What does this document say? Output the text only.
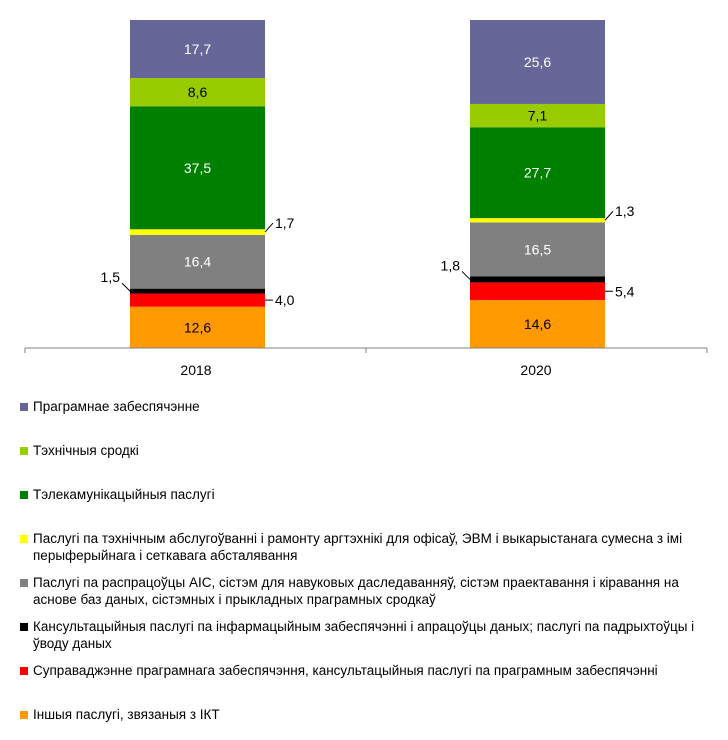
12,6
4,0
1,5
16,4
1,7
37,5
8,6
17,7
14,6
5,4
1,8
16,5
1,3
27,7
7,1
25,6
2018	2020
Праграмнае забеспячэнне
Тэхнічныя сродкі
Тэлекамунікацыйныя паслугі
Паслугі па тэхнічным абслугоўванні і рамонту аргтэхнікі для офісаў, ЭВМ і выкарыстанага сумесна з імі перыферыйнага і сеткавага абсталявання
Паслугі па распрацоўцы АІС, сістэм для навуковых даследаванняў, сістэм праектавання і кіравання на аснове баз даных, сістэмных і прыкладных праграмных сродкаў
Кансультацыйныя паслугі па інфармацыйным забеспячэнні і апрацоўцы даных; паслугі па падрыхтоўцы і ўводу даных
Суправаджэнне праграмнага забеспячэння, кансультацыйныя паслугі па праграмным забеспячэнні
Іншыя паслугі, звязаныя з ІКТ
